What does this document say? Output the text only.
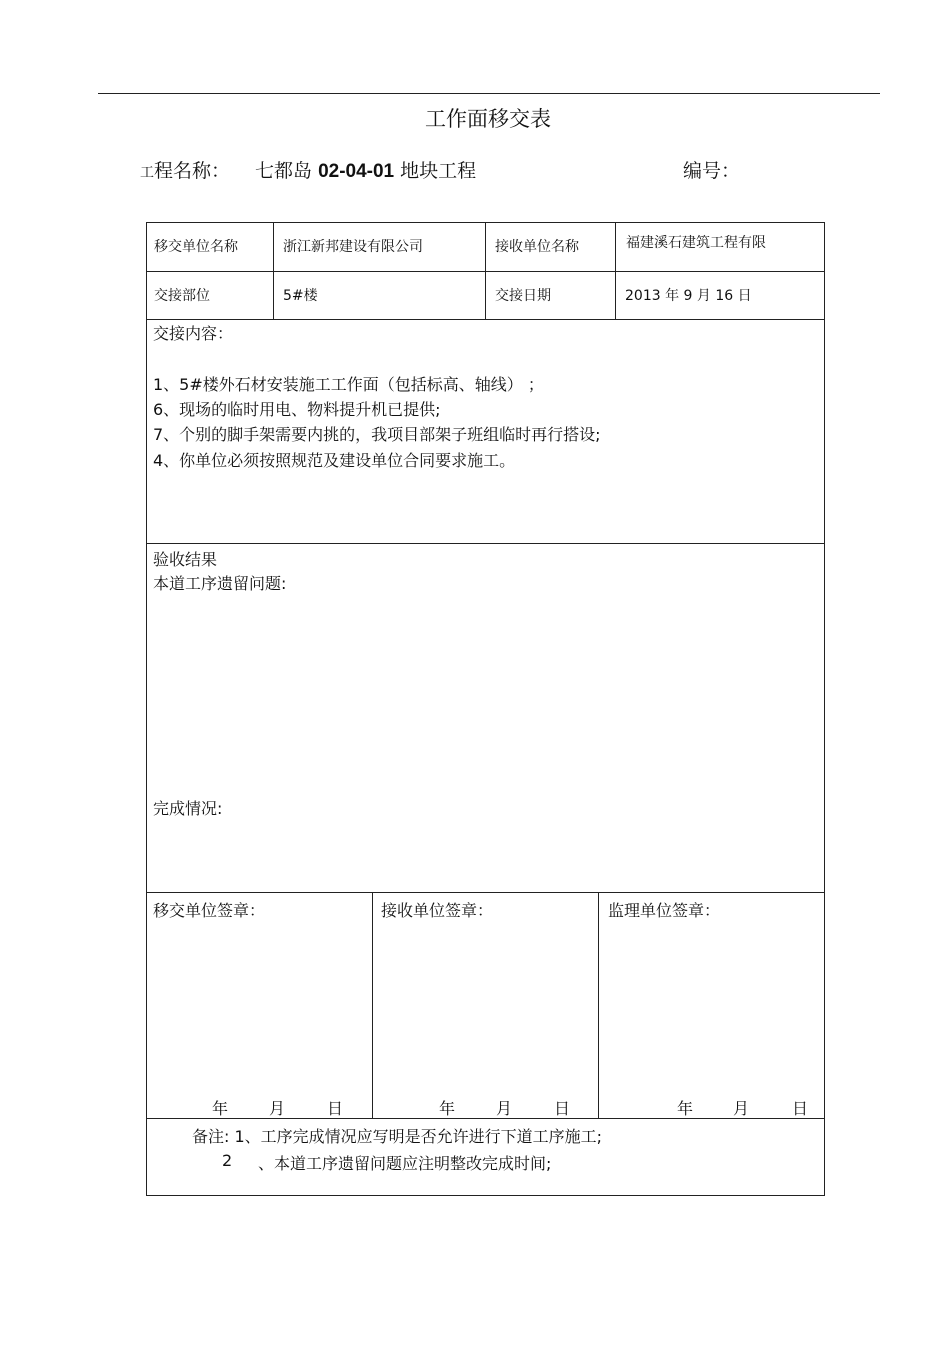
工作面移交表
工程名称： 七都岛 02-04-01 地块工程	编号：
移交单位名称	浙江新邦建设有限公司	接收单位名称	福建溪石建筑工程有限
交接部位	5#楼	交接日期	2013 年 9 月 16 日
交接内容：
1、5#楼外石材安装施工工作面（包括标高、轴线） ；
6、现场的临时用电、物料提升机已提供;
7、个别的脚手架需要内挑的，我项目部架子班组临时再行搭设;
4、你单位必须按照规范及建设单位合同要求施工。
验收结果
本道工序遗留问题:
完成情况:
移交单位签章：	接收单位签章：	监理单位签章：
年	月	日	年	月	日	年 月	日
备注: 1、工序完成情况应写明是否允许进行下道工序施工;
2 、本道工序遗留问题应注明整改完成时间;
